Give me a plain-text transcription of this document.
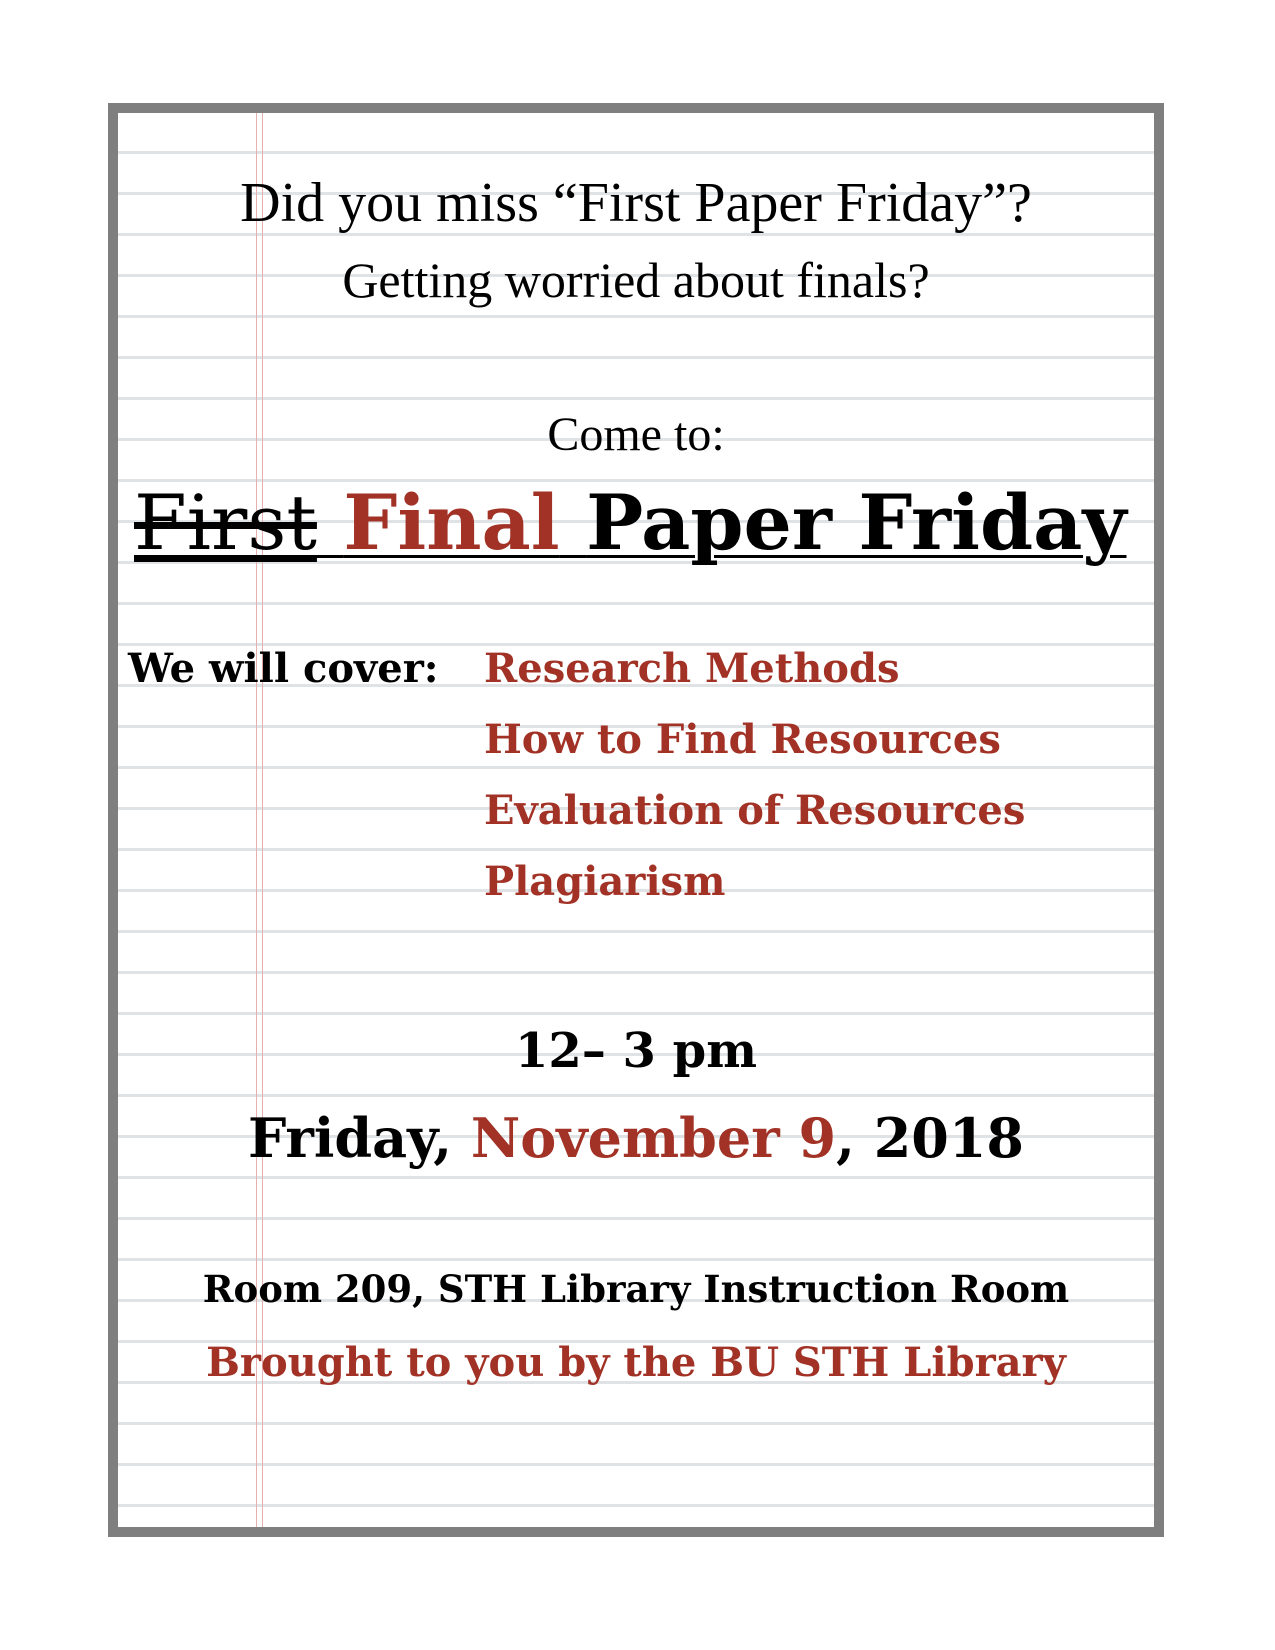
Did you miss “First Paper Friday”?

Getting worried about finals?

Come to:

First Final Paper Friday

We will cover: Research Methods

How to Find Resources

Evaluation of Resources

Plagiarism

12– 3 pm

Friday, November 9, 2018

Room 209, STH Library Instruction Room

Brought to you by the BU STH Library
